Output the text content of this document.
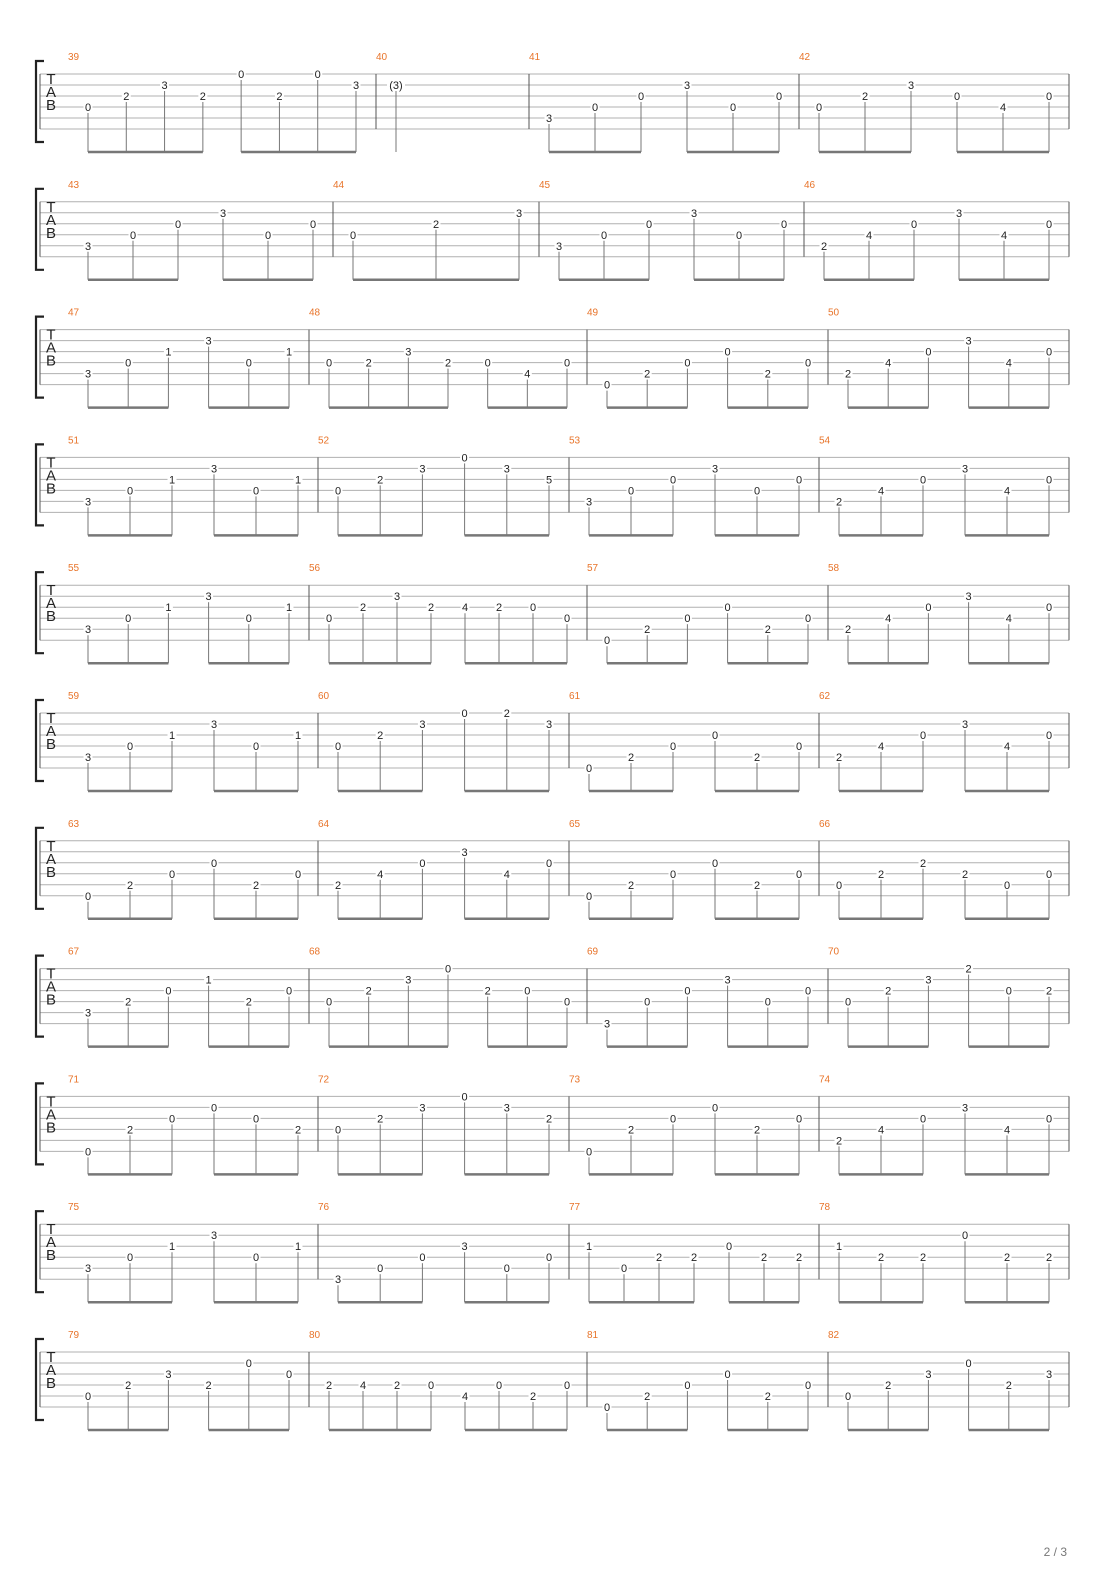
T
A
B
39
0
2
3
2
0
2
0
3
40
(3)
41
3
0
0
3
0
0
42
0
2
3
0
4
0
T
A
B
43
3
0
0
3
0
0
44
0
2
3
45
3
0
0
3
0
0
46
2
4
0
3
4
0
T
A
B
47
3
0
1
3
0
1
48
0	2
3
2	0
4
0
49
0
2
0
0
2
0
50
2
4
0
3
4
0
T
A
B
51
3
0
1
3
0
1
52
0
2
3
0
3
5
53
3
0
0
3
0
0
54
2
4
0
3
4
0
T
A
B
55
3
0
1
3
0
1
56
0
2
3
2	4	2	0
0
57
0
2
0
0
2
0
58
2
4
0
3
4
0
T
A
B
59
3
0
1
3
0
1
60
0
2
3
0	2
3
61
0
2
0
0
2
0
62
2
4
0
3
4
0
T
A
B
63
0
2
0
0
2
0
64
2
4
0
3
4
0
65
0
2
0
0
2
0
66
0
2
2
2
0
0
T
A
B
67
3
2
0
1
2
0
68
0
2
3
0
2	0
0
69
3
0
0
3
0
0
70
0
2
3
2
0	2
T
A
B
71
0
2
0
0
0
2
72
0
2
3
0
3
2
73
0
2
0
0
2
0
74
2
4
0
3
4
0
T
A
B
75
3
0
1
3
0
1
76
3
0
0
3
0
0
77
1
0
2	2
0
2	2
78
1
2	2
0
2	2
T
A
B
79
0
2
3
2
0
0
80
2	4	2	0
4
0
2
0
81
0
2
0
0
2
0
82
0
2
3
0
2
3
2 / 3
